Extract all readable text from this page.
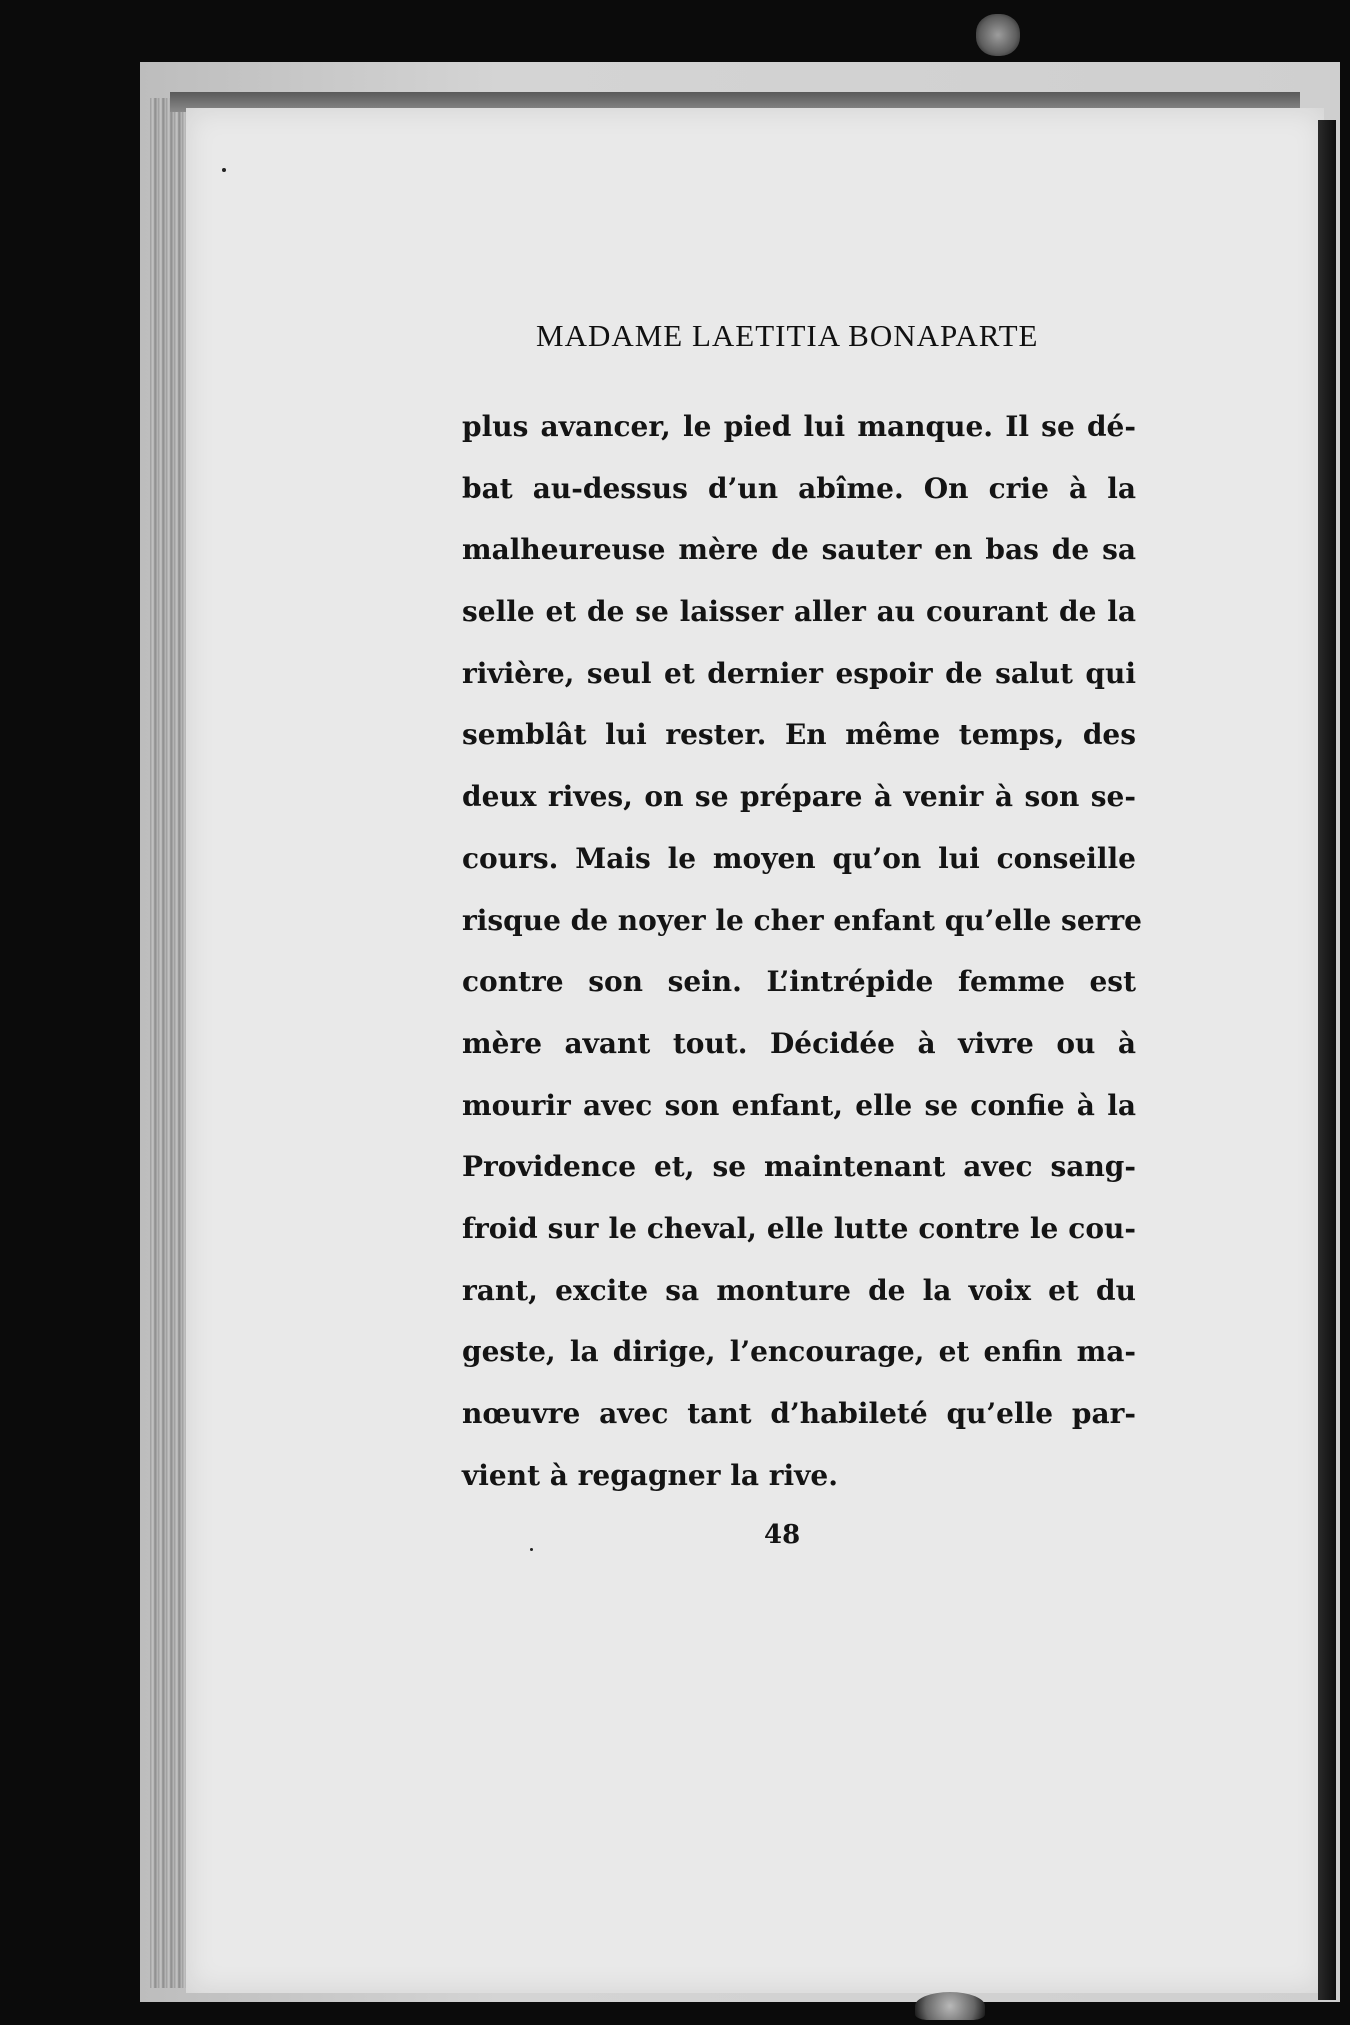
MADAME LAETITIA BONAPARTE
plus avancer, le pied lui manque. Il se dé-
bat au-dessus d’un abîme. On crie à la
malheureuse mère de sauter en bas de sa
selle et de se laisser aller au courant de la
rivière, seul et dernier espoir de salut qui
semblât lui rester. En même temps, des
deux rives, on se prépare à venir à son se-
cours. Mais le moyen qu’on lui conseille
risque de noyer le cher enfant qu’elle serre
contre son sein. L’intrépide femme est
mère avant tout. Décidée à vivre ou à
mourir avec son enfant, elle se confie à la
Providence et, se maintenant avec sang-
froid sur le cheval, elle lutte contre le cou-
rant, excite sa monture de la voix et du
geste, la dirige, l’encourage, et enfin ma-
nœuvre avec tant d’habileté qu’elle par-
vient à regagner la rive.
48
